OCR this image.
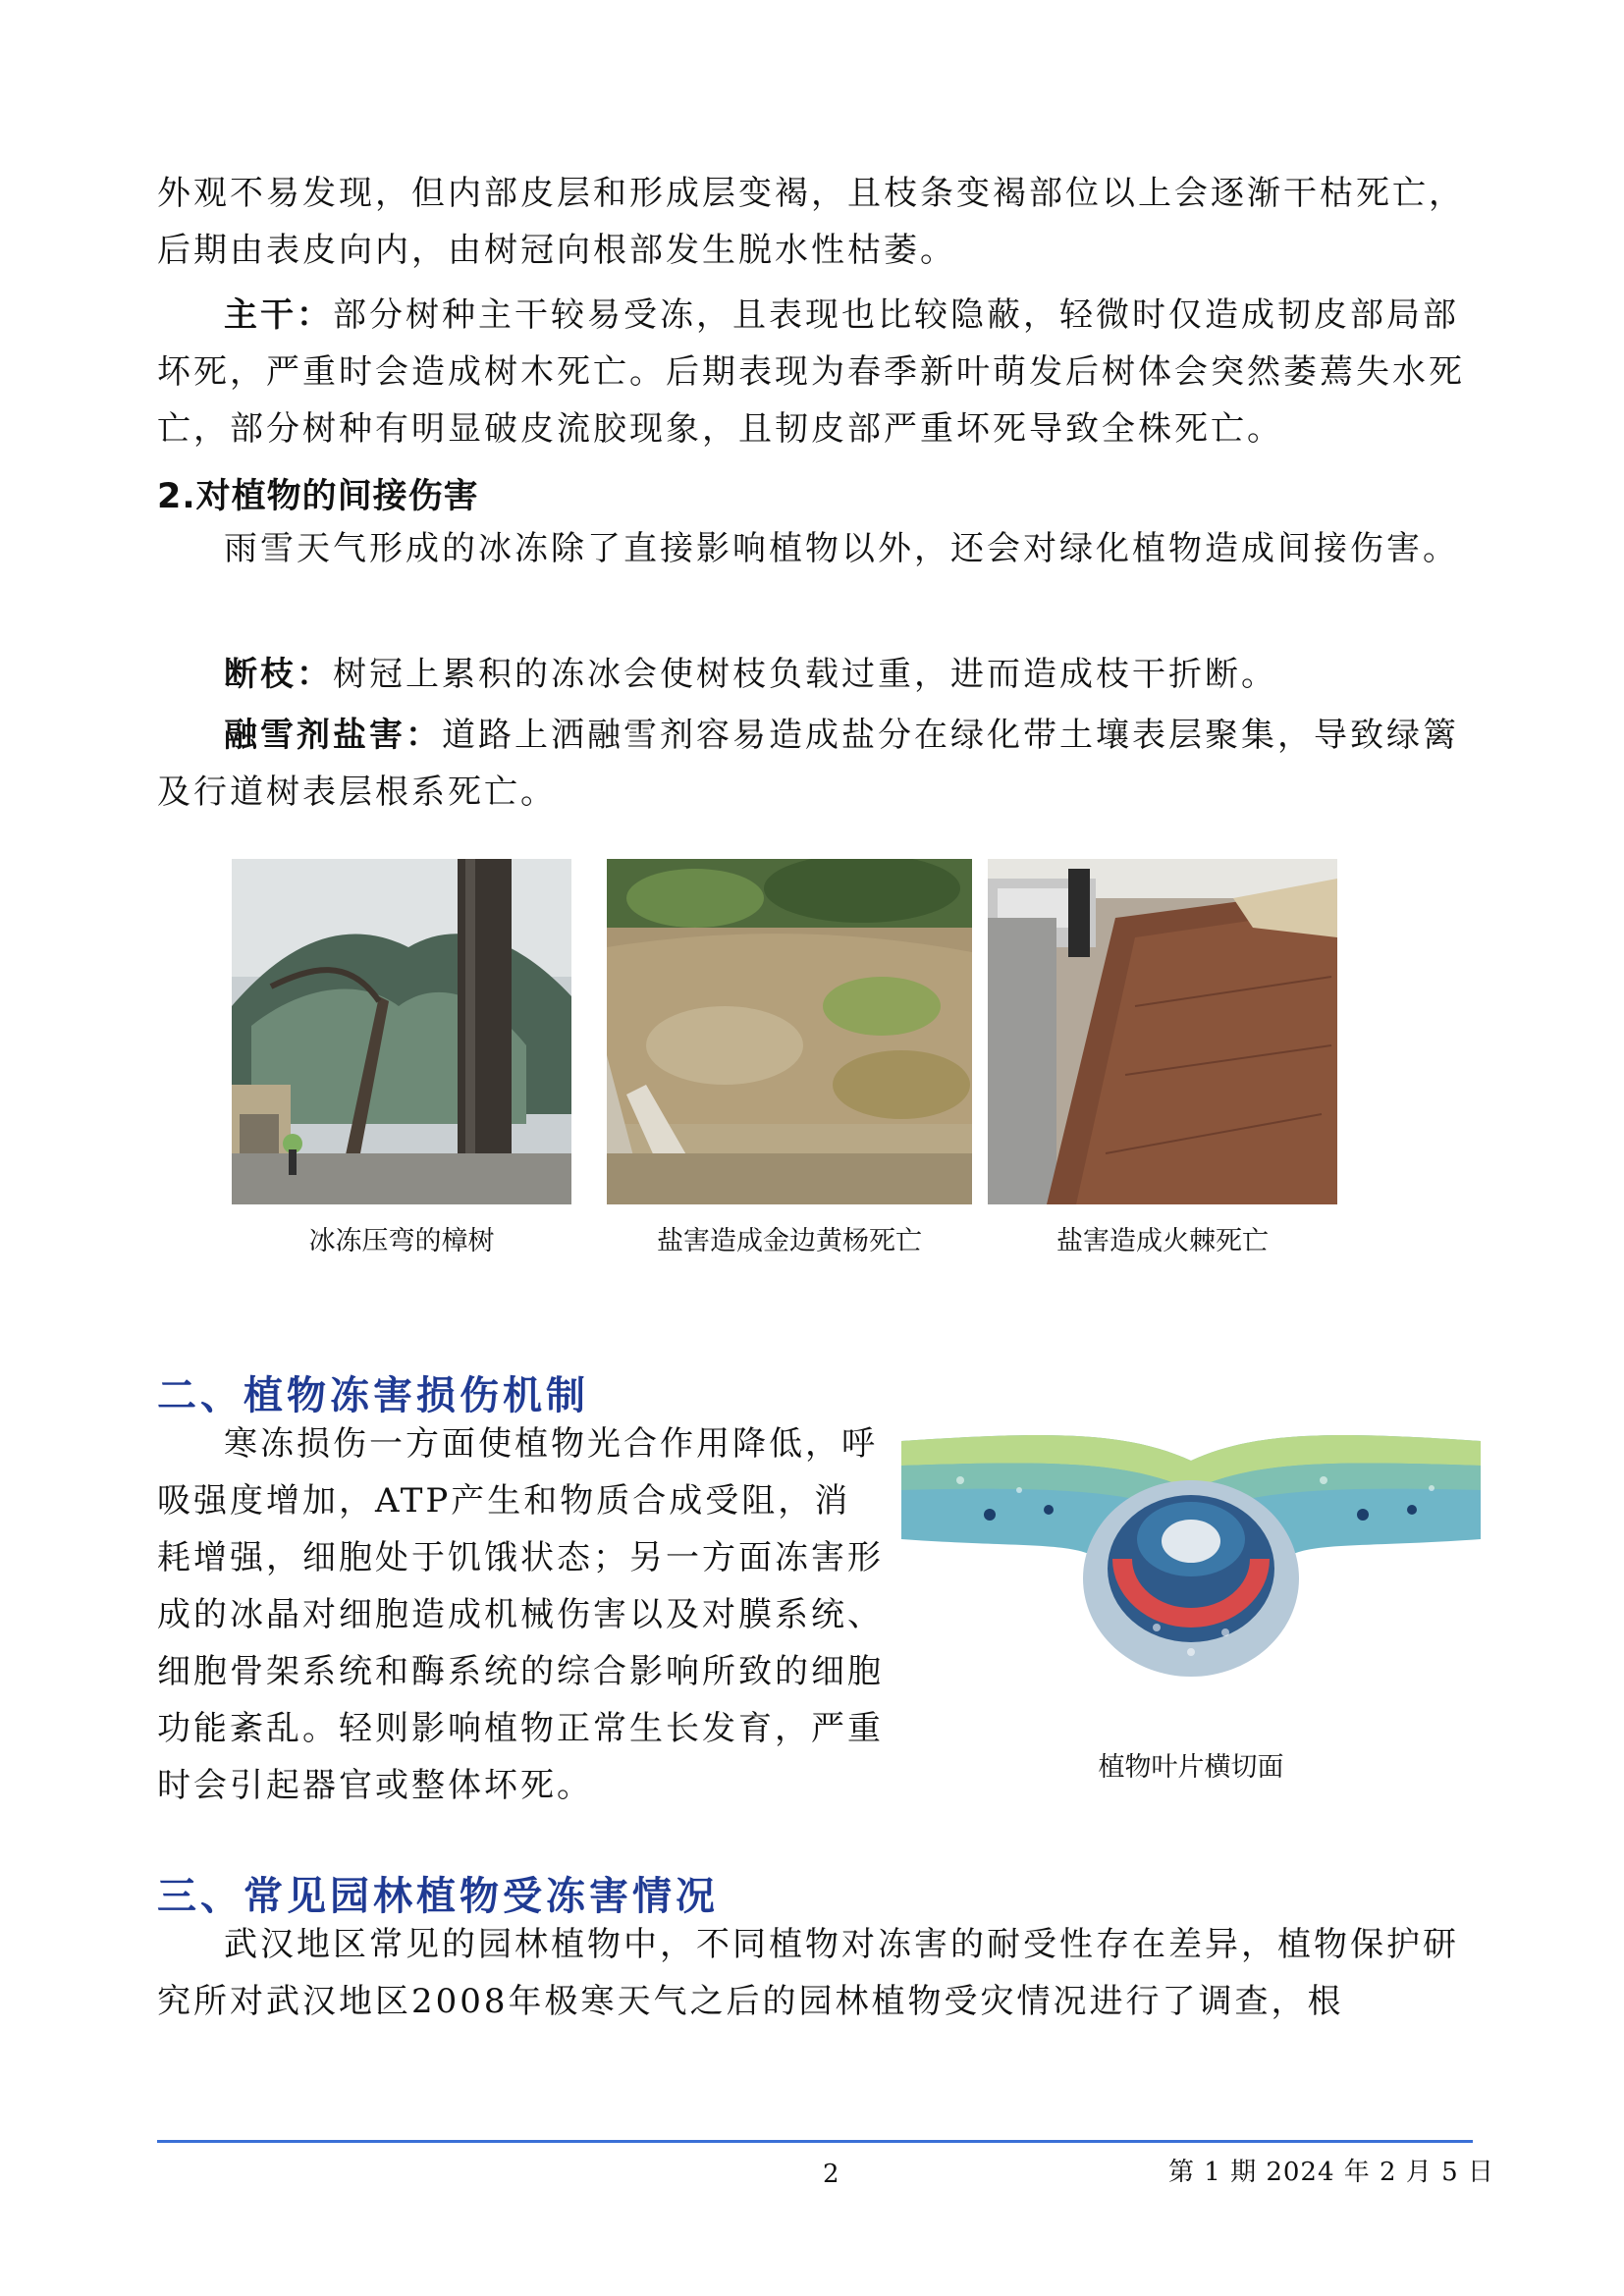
外观不易发现，但内部皮层和形成层变褐，且枝条变褐部位以上会逐渐干枯死亡，后期由表皮向内，由树冠向根部发生脱水性枯萎。

主干：部分树种主干较易受冻，且表现也比较隐蔽，轻微时仅造成韧皮部局部坏死，严重时会造成树木死亡。后期表现为春季新叶萌发后树体会突然萎蔫失水死亡，部分树种有明显破皮流胶现象，且韧皮部严重坏死导致全株死亡。

2.对植物的间接伤害

雨雪天气形成的冰冻除了直接影响植物以外，还会对绿化植物造成间接伤害。

断枝：树冠上累积的冻冰会使树枝负载过重，进而造成枝干折断。

融雪剂盐害：道路上洒融雪剂容易造成盐分在绿化带土壤表层聚集，导致绿篱及行道树表层根系死亡。

冰冻压弯的樟树	盐害造成金边黄杨死亡	盐害造成火棘死亡
二、植物冻害损伤机制

寒冻损伤一方面使植物光合作用降低，呼吸强度增加，ATP产生和物质合成受阻，消耗增强，细胞处于饥饿状态；另一方面冻害形成的冰晶对细胞造成机械伤害以及对膜系统、细胞骨架系统和酶系统的综合影响所致的细胞功能紊乱。轻则影响植物正常生长发育，严重时会引起器官或整体坏死。	植物叶片横切面
三、常见园林植物受冻害情况

武汉地区常见的园林植物中，不同植物对冻害的耐受性存在差异，植物保护研究所对武汉地区2008年极寒天气之后的园林植物受灾情况进行了调查，根

2	第 1 期 2024 年 2 月 5 日
